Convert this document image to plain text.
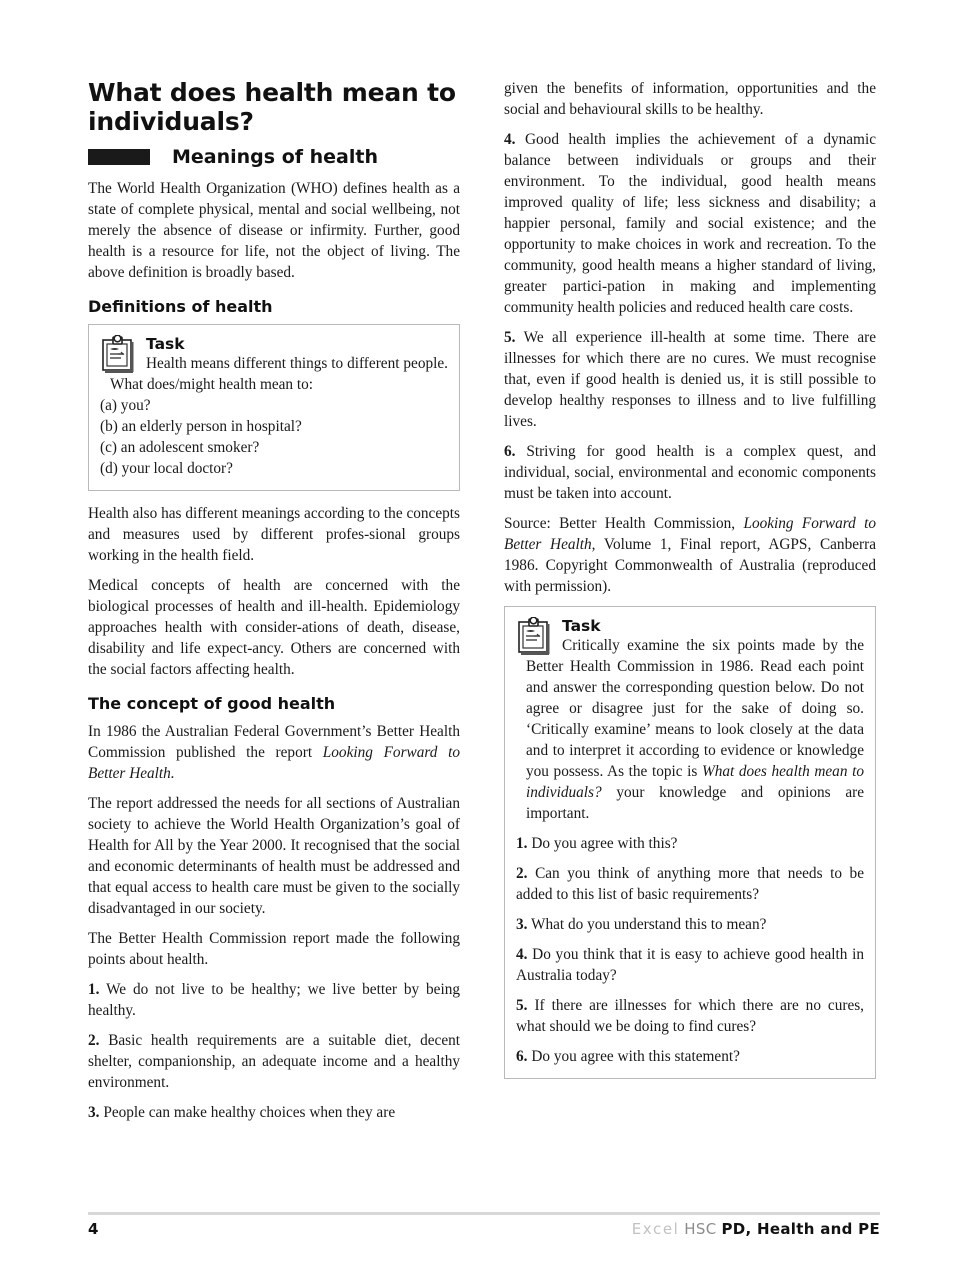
What does health mean to individuals?
Meanings of health

The World Health Organization (WHO) defines health as a state of complete physical, mental and social wellbeing, not merely the absence of disease or infirmity. Further, good health is a resource for life, not the object of living. The above definition is broadly based.

Definitions of health
Task

Health means different things to different people. What does/might health mean to:

(a) you?
(b) an elderly person in hospital?
(c) an adolescent smoker?
(d) your local doctor?

Health also has different meanings according to the concepts and measures used by different profes-sional groups working in the health field.

Medical concepts of health are concerned with the biological processes of health and ill-health. Epidemiology approaches health with consider-ations of death, disease, disability and life expect-ancy. Others are concerned with the social factors affecting health.

The concept of good health

In 1986 the Australian Federal Government’s Better Health Commission published the report Looking Forward to Better Health.

The report addressed the needs for all sections of Australian society to achieve the World Health Organization’s goal of Health for All by the Year 2000. It recognised that the social and economic determinants of health must be addressed and that equal access to health care must be given to the socially disadvantaged in our society.

The Better Health Commission report made the following points about health.

1. We do not live to be healthy; we live better by being healthy.

2. Basic health requirements are a suitable diet, decent shelter, companionship, an adequate income and a healthy environment.

3. People can make healthy choices when they are

given the benefits of information, opportunities and the social and behavioural skills to be healthy.

4. Good health implies the achievement of a dynamic balance between individuals or groups and their environment. To the individual, good health means improved quality of life; less sickness and disability; a happier personal, family and social existence; and the opportunity to make choices in work and recreation. To the community, good health means a higher standard of living, greater partici-pation in making and implementing community health policies and reduced health care costs.

5. We all experience ill-health at some time. There are illnesses for which there are no cures. We must recognise that, even if good health is denied us, it is still possible to develop healthy responses to illness and to live fulfilling lives.

6. Striving for good health is a complex quest, and individual, social, environmental and economic components must be taken into account.

Source: Better Health Commission, Looking Forward to Better Health, Volume 1, Final report, AGPS, Canberra 1986. Copyright Commonwealth of Australia (reproduced with permission).

Task

Critically examine the six points made by the Better Health Commission in 1986. Read each point and answer the corresponding question below. Do not agree or disagree just for the sake of doing so. ‘Critically examine’ means to look closely at the data and to interpret it according to evidence or knowledge you possess. As the topic is What does health mean to individuals? your knowledge and opinions are important.

1. Do you agree with this?

2. Can you think of anything more that needs to be added to this list of basic requirements?

3. What do you understand this to mean?

4. Do you think that it is easy to achieve good health in Australia today?

5. If there are illnesses for which there are no cures, what should we be doing to find cures?

6. Do you agree with this statement?

4	Excel HSC PD, Health and PE
